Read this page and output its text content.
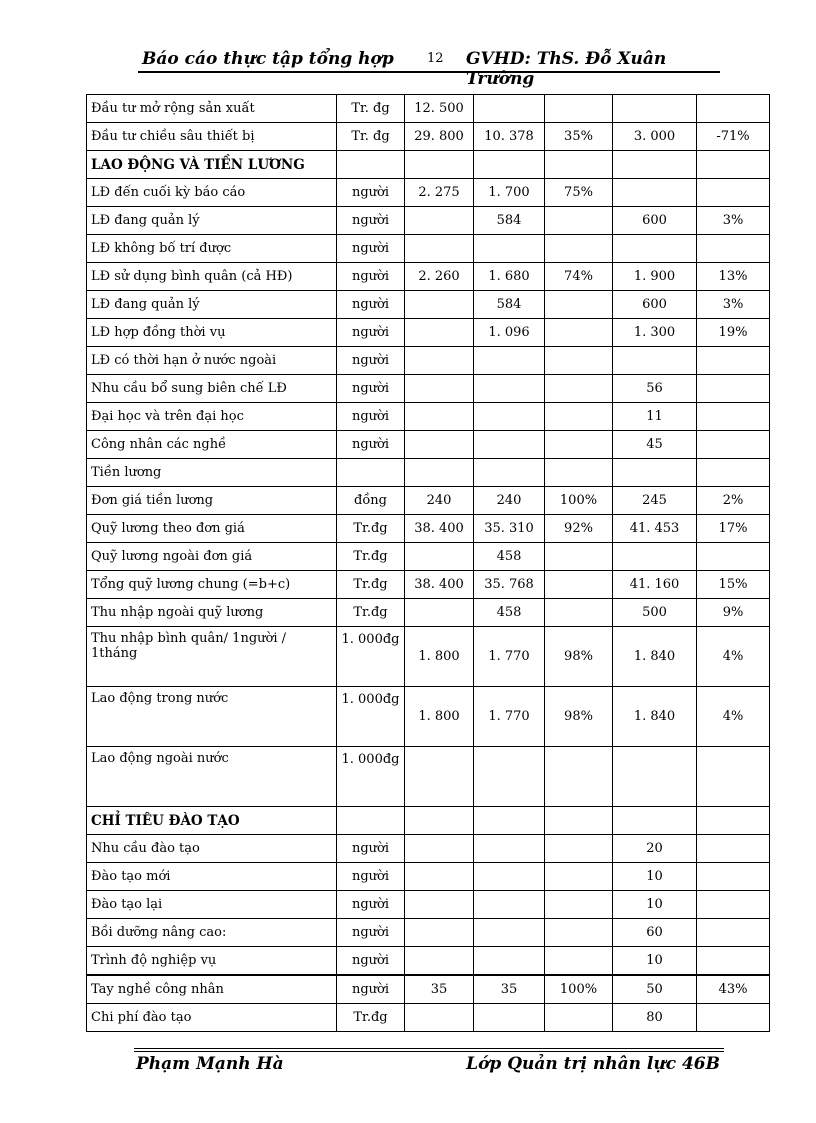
Báo cáo thực tập tổng hợp	12 GVHD: ThS. Đỗ Xuân Trường
Đầu tư mở rộng sản xuất	Tr. đg	12. 500				
Đầu tư chiều sâu thiết bị	Tr. đg	29. 800	10. 378	35%	3. 000	-71%
LAO ĐỘNG VÀ TIỀN LƯƠNG						
LĐ đến cuối kỳ báo cáo	người	2. 275	1. 700	75%		
LĐ đang quản lý	người		584		600	3%
LĐ không bố trí được	người					
LĐ sử dụng bình quân (cả HĐ)	người	2. 260	1. 680	74%	1. 900	13%
LĐ đang quản lý	người		584		600	3%
LĐ hợp đồng thời vụ	người		1. 096		1. 300	19%
LĐ có thời hạn ở nước ngoài	người					
Nhu cầu bổ sung biên chế LĐ	người				56	
Đại học và trên đại học	người				11	
Công nhân các nghề	người				45	
Tiền lương						
Đơn giá tiền lương	đồng	240	240	100%	245	2%
Quỹ lương theo đơn giá	Tr.đg	38. 400	35. 310	92%	41. 453	17%
Quỹ lương ngoài đơn giá	Tr.đg		458			
Tổng quỹ lương chung (=b+c)	Tr.đg	38. 400	35. 768		41. 160	15%
Thu nhập ngoài quỹ lương	Tr.đg		458		500	9%
Thu nhập bình quân/ 1người / 1tháng	1. 000đg	1. 800	1. 770	98%	1. 840	4%
Lao động trong nước	1. 000đg	1. 800	1. 770	98%	1. 840	4%
Lao động ngoài nước	1. 000đg					
CHỈ TIÊU ĐÀO TẠO						
Nhu cầu đào tạo	người				20	
Đào tạo mới	người				10	
Đào tạo lại	người				10	
Bồi dưỡng nâng cao:	người				60	
Trình độ nghiệp vụ	người				10	
Tay nghề công nhân	người	35	35	100%	50	43%
Chi phí đào tạo	Tr.đg				80	
Phạm Mạnh Hà	Lớp Quản trị nhân lực 46B
